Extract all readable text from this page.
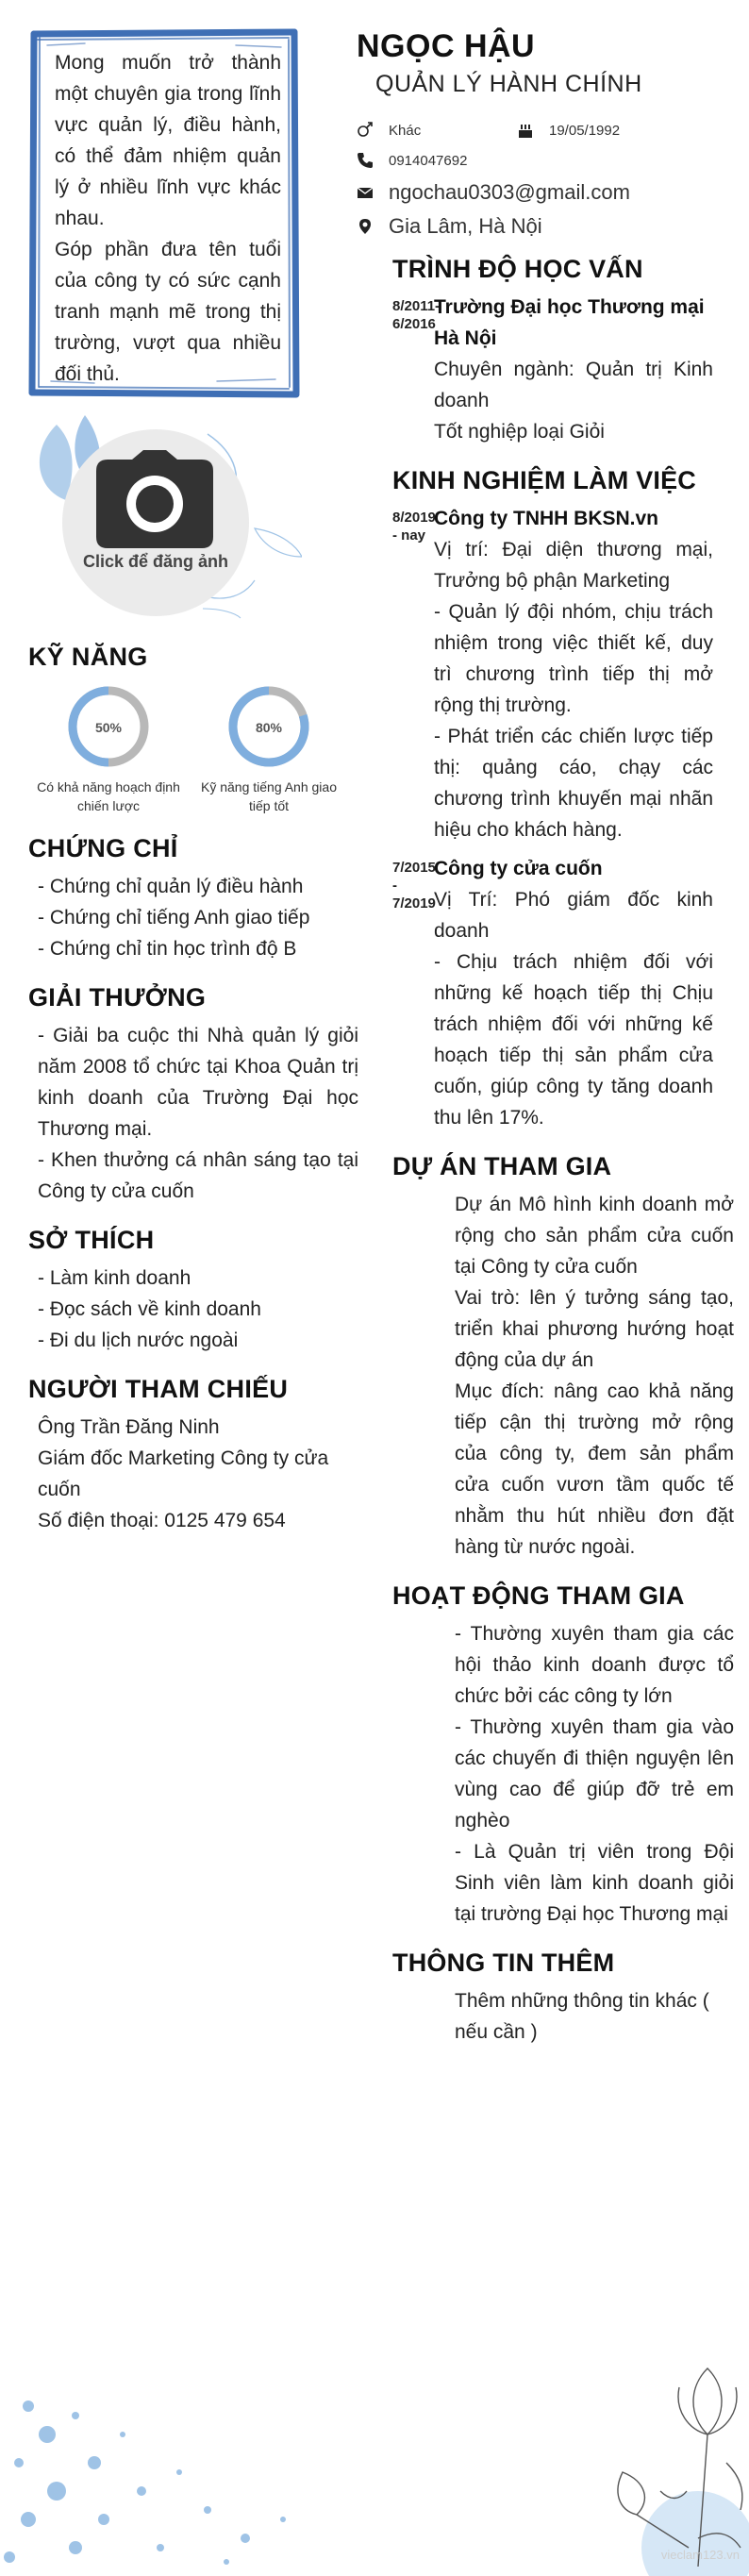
Mong muốn trở thành một chuyên gia trong lĩnh vực quản lý, điều hành, có thể đảm nhiệm quản lý ở nhiều lĩnh vực khác nhau.

Góp phần đưa tên tuổi của công ty có sức cạnh tranh mạnh mẽ trong thị trường, vượt qua nhiều đối thủ.

Click để đăng ảnh
KỸ NĂNG
50%
Có khả năng hoạch định chiến lược
80%
Kỹ năng tiếng Anh giao tiếp tốt
CHỨNG CHỈ
- Chứng chỉ quản lý điều hành
- Chứng chỉ tiếng Anh giao tiếp
- Chứng chỉ tin học trình độ B
GIẢI THƯỞNG
- Giải ba cuộc thi Nhà quản lý giỏi năm 2008 tổ chức tại Khoa Quản trị kinh doanh của Trường Đại học Thương mại.
- Khen thưởng cá nhân sáng tạo tại Công ty cửa cuốn
SỞ THÍCH
- Làm kinh doanh
- Đọc sách về kinh doanh
- Đi du lịch nước ngoài
NGƯỜI THAM CHIẾU
Ông Trần Đăng Ninh
Giám đốc Marketing Công ty cửa cuốn
Số điện thoại: 0125 479 654
NGỌC HẬU
QUẢN LÝ HÀNH CHÍNH
Khác	19/05/1992
0914047692
ngochau0303@gmail.com
Gia Lâm, Hà Nội
TRÌNH ĐỘ HỌC VẤN
8/2011-6/2016
Trường Đại học Thương mại Hà Nội
Chuyên ngành: Quản trị Kinh doanh
Tốt nghiệp loại Giỏi
KINH NGHIỆM LÀM VIỆC
8/2019 - nay
Công ty TNHH BKSN.vn
Vị trí: Đại diện thương mại, Trưởng bộ phận Marketing
- Quản lý đội nhóm, chịu trách nhiệm trong việc thiết kế, duy trì chương trình tiếp thị mở rộng thị trường.
- Phát triển các chiến lược tiếp thị: quảng cáo, chạy các chương trình khuyến mại nhãn hiệu cho khách hàng.
7/2015 - 7/2019
Công ty cửa cuốn
Vị Trí: Phó giám đốc kinh doanh
- Chịu trách nhiệm đối với những kế hoạch tiếp thị Chịu trách nhiệm đối với những kế hoạch tiếp thị sản phẩm cửa cuốn, giúp công ty tăng doanh thu lên 17%.
DỰ ÁN THAM GIA
Dự án Mô hình kinh doanh mở rộng cho sản phẩm cửa cuốn tại Công ty cửa cuốn
Vai trò: lên ý tưởng sáng tạo, triển khai phương hướng hoạt động của dự án
Mục đích: nâng cao khả năng tiếp cận thị trường mở rộng của công ty, đem sản phẩm cửa cuốn vươn tầm quốc tế nhằm thu hút nhiều đơn đặt hàng từ nước ngoài.
HOẠT ĐỘNG THAM GIA
- Thường xuyên tham gia các hội thảo kinh doanh được tổ chức bởi các công ty lớn
- Thường xuyên tham gia vào các chuyến đi thiện nguyện lên vùng cao để giúp đỡ trẻ em nghèo
- Là Quản trị viên trong Đội Sinh viên làm kinh doanh giỏi tại trường Đại học Thương mại
THÔNG TIN THÊM
Thêm những thông tin khác ( nếu cần )
vieclam123.vn
